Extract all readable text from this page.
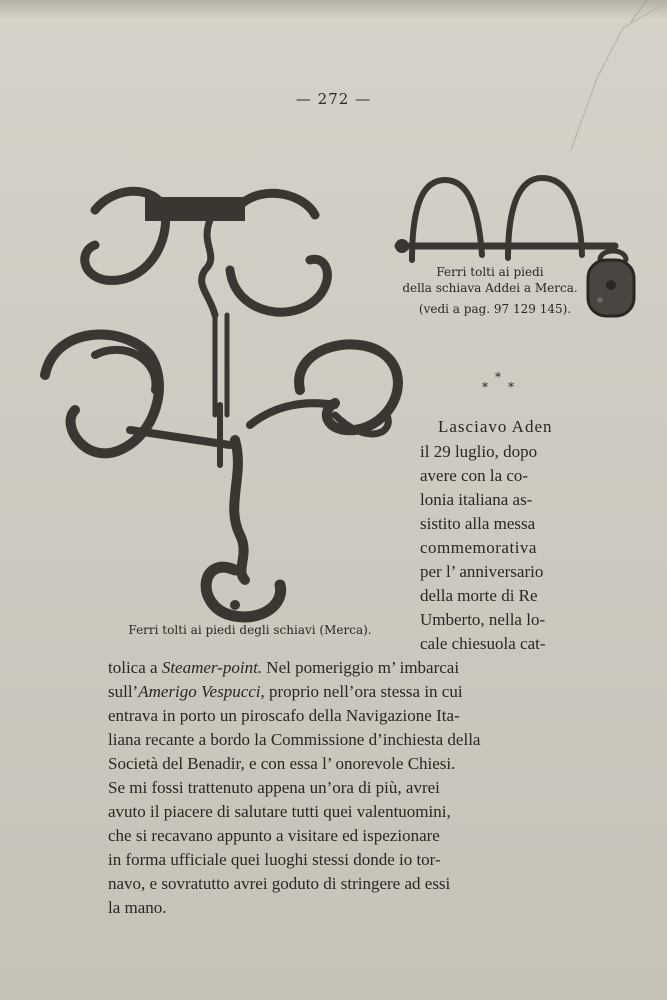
— 272 —
Ferri tolti ai piedi
della schiava Addei a Merca.
(vedi a pag. 97 129 145).
Ferri tolti ai piedi degli schiavi (Merca).
*
* *
Lasciavo Aden
il 29 luglio, dopo
avere con la co-
lonia italiana as-
sistito alla messa
commemorativa
per l’ anniversario
della morte di Re
Umberto, nella lo-
cale chiesuola cat-
tolica a Steamer-point. Nel pomeriggio m’ imbarcai
sull’Amerigo Vespucci, proprio nell’ora stessa in cui
entrava in porto un piroscafo della Navigazione Ita-
liana recante a bordo la Commissione d’inchiesta della
Società del Benadir, e con essa l’ onorevole Chiesi.
Se mi fossi trattenuto appena un’ora di più, avrei
avuto il piacere di salutare tutti quei valentuomini,
che si recavano appunto a visitare ed ispezionare
in forma ufficiale quei luoghi stessi donde io tor-
navo, e sovratutto avrei goduto di stringere ad essi
la mano.
